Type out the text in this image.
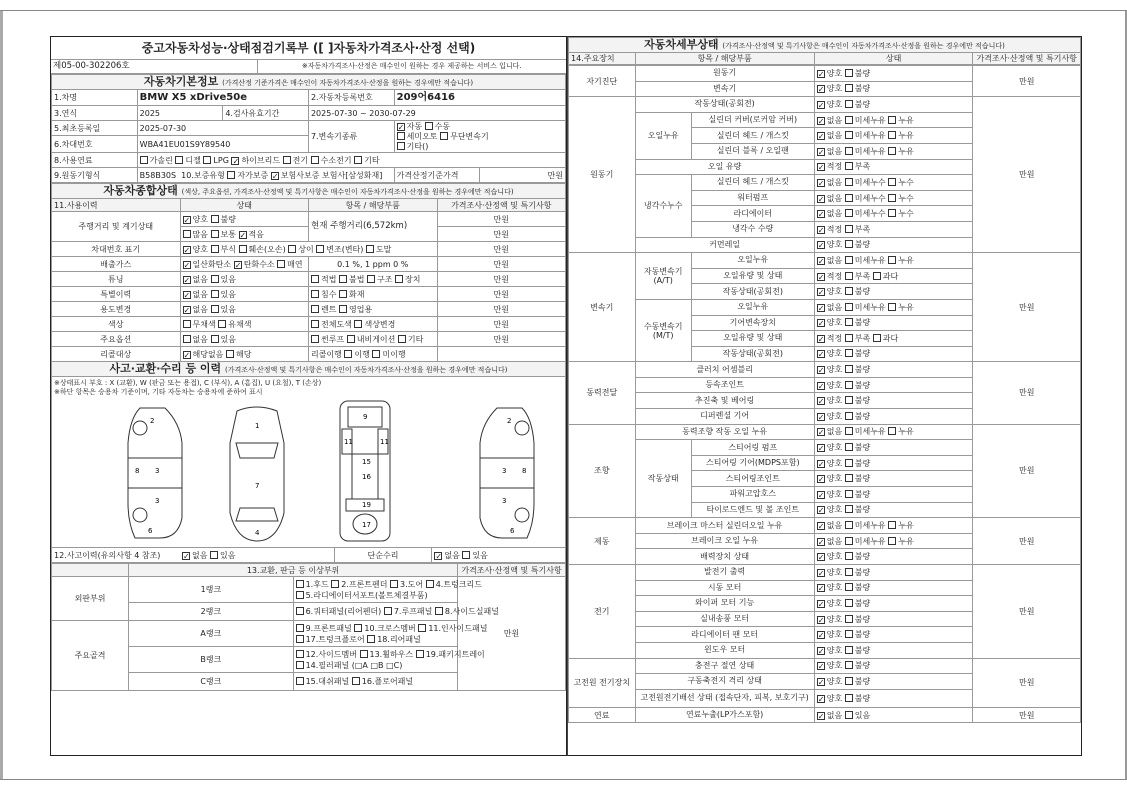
중고자동차성능·상태점검기록부 ([ ]자동차가격조사·산정 선택)
제05-00-302206호	※자동차가격조사·산정은 매수인이 원하는 경우 제공하는 서비스 입니다.
자동차기본정보 (가격산정 기준가격은 매수인이 자동차가격조사·산정을 원하는 경우에만 적습니다)					
1.차명	BMW X5 xDrive50e		2.자동차등록번호	209어6416	
3.연식	2025	4.검사유효기간	2025-07-30 ~ 2030-07-29		
5.최초등록일	2025-07-30		7.변속기종류	✓ 자동 수동
세미오토 무단변속기
기타()	
6.차대번호	WBA41EU01S9Y89540				
8.사용연료	가솔린 디젤 LPG ✓ 하이브리드 전기 수소전기 기타				
9.원동기형식	B58B30S 10.보증유형 자가보증 ✓ 보험사보증 보험사[삼성화재]			가격산정기준가격	만원
자동차종합상태 (색상, 주요옵션, 가격조사·산정액 및 특기사항은 매수인이 자동차가격조사·산정을 원하는 경우에만 적습니다)			
11.사용이력	상태	항목 / 해당부품	가격조사·산정액 및 특기사항
주행거리 및 계기상태	✓ 양호 불량	현재 주행거리(6,572km)	만원
	많음 보통 ✓ 적음		만원
차대번호 표기	✓ 양호 부식 훼손(오손) 상이 변조(변타) 도말		만원
배출가스	✓ 일산화탄소 ✓ 탄화수소 매연	0.1 %, 1 ppm 0 %	만원
튜닝	✓ 없음 있음	적법 불법 구조 장치	만원
특별이력	✓ 없음 있음	침수 화재	만원
용도변경	✓ 없음 있음	렌트 영업용	만원
색상	무채색 유채색	전체도색 색상변경	만원
주요옵션	없음 있음	썬루프 내비게이션 기타	만원
리콜대상	✓ 해당없음 해당	리콜이행 이행 미이행	
사고·교환·수리 등 이력 (가격조사·산정액 및 특기사항은 매수인이 자동차가격조사·산정을 원하는 경우에만 적습니다)			
※상태표시 부호 : X (교환), W (판금 또는 용접), C (부식), A (흠집), U (요철), T (손상)
※하단 항목은 승용차 기준이며, 기타 자동차는 승용차에 준하여 표시
2
8 3
3
6
1
7
4
9
11	11
15
16
19
17
2
3 8
3
6
12.사고이력(유의사항 4 참조)	✓ 없음 있음	단순수리	✓ 없음 있음
	13.교환, 판금 등 이상부위		가격조사·산정액 및 특기사항
외판부위	1랭크	1.후드 2.프론트펜더 3.도어 4.트렁크리드
5.라디에이터서포트(볼트체결부품)	만원
	2랭크	6.쿼터패널(리어펜더) 7.루프패널 8.사이드실패널	
주요골격	A랭크	9.프론트패널 10.크로스멤버 11.인사이드패널
17.트렁크플로어 18.리어패널	
	B랭크	12.사이드멤버 13.휠하우스 19.패키지트레이
14.필러패널 (□A □B □C)	
	C랭크	15.대쉬패널 16.플로어패널	
자동차세부상태 (가격조사·산정액 및 특기사항은 매수인이 자동차가격조사·산정을 원하는 경우에만 적습니다)
14.주요장치	항목 / 해당부품	상태	가격조사·산정액 및 특기사항
자기진단	원동기		✓ 양호 불량	만원
	변속기		✓ 양호 불량	
원동기	작동상태(공회전)		✓ 양호 불량	만원
	오일누유	실린더 커버(로커암 커버)	✓ 없음 미세누유 누유	
		실린더 헤드 / 개스킷	✓ 없음 미세누유 누유	
		실린더 블록 / 오일팬	✓ 없음 미세누유 누유	
	오일 유량		✓ 적정 부족	
	냉각수누수	실린더 헤드 / 개스킷	✓ 없음 미세누수 누수	
		워터펌프	✓ 없음 미세누수 누수	
		라디에이터	✓ 없음 미세누수 누수	
		냉각수 수량	✓ 적정 부족	
	커먼레일		✓ 양호 불량	
변속기	자동변속기 (A/T)	오일누유	✓ 없음 미세누유 누유	만원
		오일유량 및 상태	✓ 적정 부족 과다	
		작동상태(공회전)	✓ 양호 불량	
	수동변속기 (M/T)	오일누유	✓ 없음 미세누유 누유	
		기어변속장치	✓ 양호 불량	
		오일유량 및 상태	✓ 적정 부족 과다	
		작동상태(공회전)	✓ 양호 불량	
동력전달	클러치 어셈블리		✓ 양호 불량	만원
	등속조인트		✓ 양호 불량	
	추진축 및 베어링		✓ 양호 불량	
	디퍼렌셜 기어		✓ 양호 불량	
조향	동력조향 작동 오일 누유		✓ 없음 미세누유 누유	만원
	작동상태	스티어링 펌프	✓ 양호 불량	
		스티어링 기어(MDPS포함)	✓ 양호 불량	
		스티어링조인트	✓ 양호 불량	
		파워고압호스	✓ 양호 불량	
		타이로드엔드 및 볼 조인트	✓ 양호 불량	
제동	브레이크 마스터 실린더오일 누유		✓ 없음 미세누유 누유	만원
	브레이크 오일 누유		✓ 없음 미세누유 누유	
	배력장치 상태		✓ 양호 불량	
전기	발전기 출력		✓ 양호 불량	만원
	시동 모터		✓ 양호 불량	
	와이퍼 모터 기능		✓ 양호 불량	
	실내송풍 모터		✓ 양호 불량	
	라디에이터 팬 모터		✓ 양호 불량	
	윈도우 모터		✓ 양호 불량	
고전원 전기장치	충전구 절연 상태		✓ 양호 불량	만원
	구동축전지 격리 상태		✓ 양호 불량	
	고전원전기배선 상태 (접속단자, 피복, 보호기구)		✓ 양호 불량	
연료	연료누출(LP가스포함)		✓ 없음 있음	만원
